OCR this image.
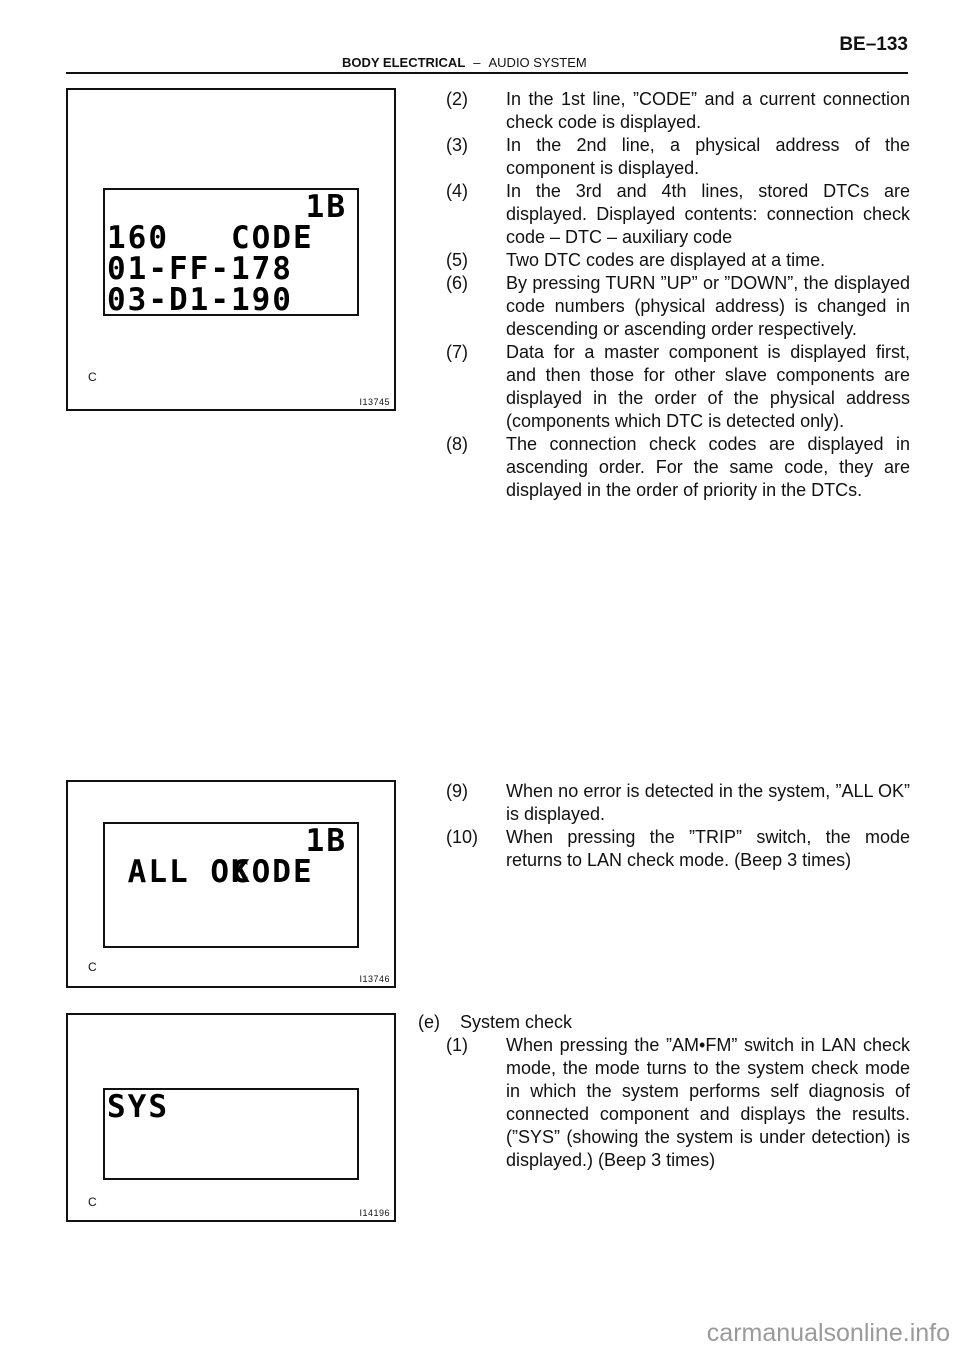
BE–133
BODY ELECTRICAL – AUDIO SYSTEM

CODE

1B

160
01-FF-178
03-D1-190
C
I13745

CODE

1B

ALL OK
C
I13746
SYS
C
I14196
(2)	In the 1st line, ”CODE” and a current connection check code is displayed.
(3)	In the 2nd line, a physical address of the component is displayed.
(4)	In the 3rd and 4th lines, stored DTCs are displayed. Displayed contents: connection check code – DTC – auxiliary code
(5)	Two DTC codes are displayed at a time.
(6)	By pressing TURN ”UP” or ”DOWN”, the displayed code numbers (physical address) is changed in descending or ascending order respectively.
(7)	Data for a master component is displayed first, and then those for other slave components are displayed in the order of the physical address (components which DTC is detected only).
(8)	The connection check codes are displayed in ascending order. For the same code, they are displayed in the order of priority in the DTCs.
(9)	When no error is detected in the system, ”ALL OK” is displayed.
(10)	When pressing the ”TRIP” switch, the mode returns to LAN check mode. (Beep 3 times)
(e)	System check
(1)	When pressing the ”AM•FM” switch in LAN check mode, the mode turns to the system check mode in which the system performs self diagnosis of connected component and displays the results.(”SYS” (showing the system is under detection) is displayed.) (Beep 3 times)
carmanualsonline.info
